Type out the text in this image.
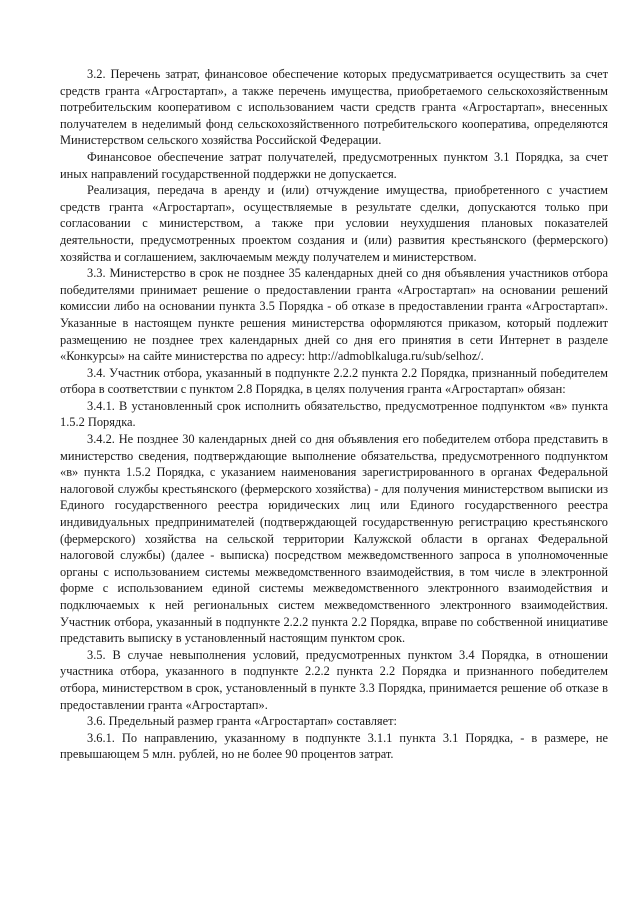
3.2. Перечень затрат, финансовое обеспечение которых предусматривается осуществить за счет средств гранта «Агростартап», а также перечень имущества, приобретаемого сельскохозяйственным потребительским кооперативом с использованием части средств гранта «Агростартап», внесенных получателем в неделимый фонд сельскохозяйственного потребительского кооператива, определяются Министерством сельского хозяйства Российской Федерации.

Финансовое обеспечение затрат получателей, предусмотренных пунктом 3.1 Порядка, за счет иных направлений государственной поддержки не допускается.

Реализация, передача в аренду и (или) отчуждение имущества, приобретенного с участием средств гранта «Агростартап», осуществляемые в результате сделки, допускаются только при согласовании с министерством, а также при условии неухудшения плановых показателей деятельности, предусмотренных проектом создания и (или) развития крестьянского (фермерского) хозяйства и соглашением, заключаемым между получателем и министерством.

3.3. Министерство в срок не позднее 35 календарных дней со дня объявления участников отбора победителями принимает решение о предоставлении гранта «Агростартап» на основании решений комиссии либо на основании пункта 3.5 Порядка - об отказе в предоставлении гранта «Агростартап». Указанные в настоящем пункте решения министерства оформляются приказом, который подлежит размещению не позднее трех календарных дней со дня его принятия в сети Интернет в разделе «Конкурсы» на сайте министерства по адресу: http://admoblkaluga.ru/sub/selhoz/.

3.4. Участник отбора, указанный в подпункте 2.2.2 пункта 2.2 Порядка, признанный победителем отбора в соответствии с пунктом 2.8 Порядка, в целях получения гранта «Агростартап» обязан:

3.4.1. В установленный срок исполнить обязательство, предусмотренное подпунктом «в» пункта 1.5.2 Порядка.

3.4.2. Не позднее 30 календарных дней со дня объявления его победителем отбора представить в министерство сведения, подтверждающие выполнение обязательства, предусмотренного подпунктом «в» пункта 1.5.2 Порядка, с указанием наименования зарегистрированного в органах Федеральной налоговой службы крестьянского (фермерского хозяйства) - для получения министерством выписки из Единого государственного реестра юридических лиц или Единого государственного реестра индивидуальных предпринимателей (подтверждающей государственную регистрацию крестьянского (фермерского) хозяйства на сельской территории Калужской области в органах Федеральной налоговой службы) (далее - выписка) посредством межведомственного запроса в уполномоченные органы с использованием системы межведомственного взаимодействия, в том числе в электронной форме с использованием единой системы межведомственного электронного взаимодействия и подключаемых к ней региональных систем межведомственного электронного взаимодействия. Участник отбора, указанный в подпункте 2.2.2 пункта 2.2 Порядка, вправе по собственной инициативе представить выписку в установленный настоящим пунктом срок.

3.5. В случае невыполнения условий, предусмотренных пунктом 3.4 Порядка, в отношении участника отбора, указанного в подпункте 2.2.2 пункта 2.2 Порядка и признанного победителем отбора, министерством в срок, установленный в пункте 3.3 Порядка, принимается решение об отказе в предоставлении гранта «Агростартап».

3.6. Предельный размер гранта «Агростартап» составляет:

3.6.1. По направлению, указанному в подпункте 3.1.1 пункта 3.1 Порядка, - в размере, не превышающем 5 млн. рублей, но не более 90 процентов затрат.
